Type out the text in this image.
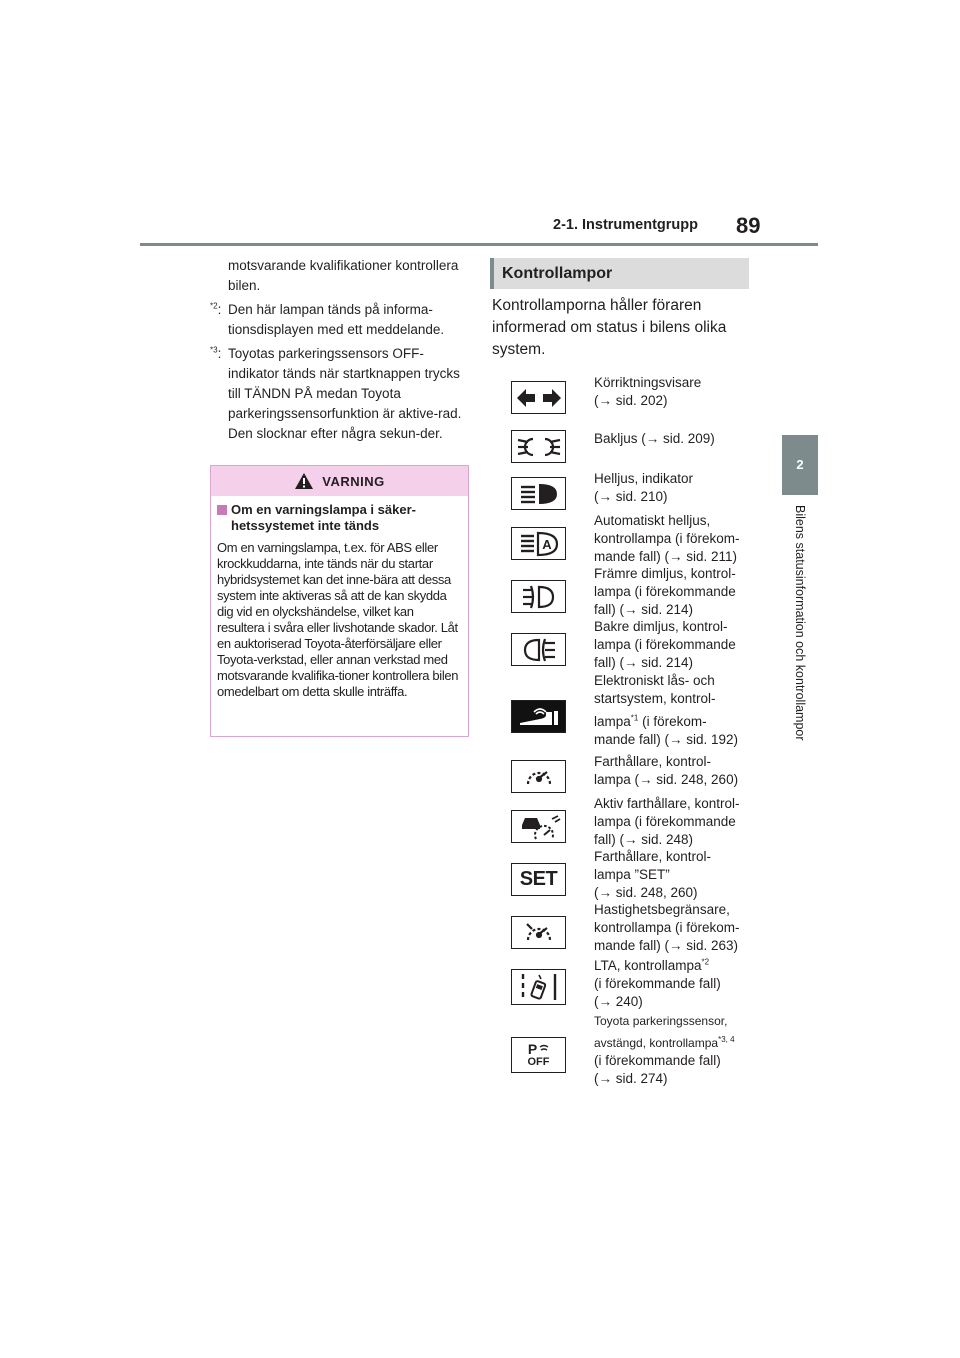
2-1. Instrumentgrupp 89
2
Bilens statusinformation och kontrollampor

motsvarande kvalifikationer kontrollera bilen.

$^{*2}$: Den här lampan tänds på informa-tionsdisplayen med ett meddelande.
$^{*3}$: Toyotas parkeringssensors OFF-indikator tänds när startknappen trycks till TÄNDN PÅ medan Toyota parkeringssensorfunktion är aktive-rad. Den slocknar efter några sekun-der.
VARNING
Om en varningslampa i säker-hetssystemet inte tänds
Om en varningslampa, t.ex. för ABS eller krockkuddarna, inte tänds när du startar hybridsystemet kan det inne-bära att dessa system inte aktiveras så att de kan skydda dig vid en olyckshändelse, vilket kan resultera i svåra eller livshotande skador. Låt en auktoriserad Toyota-återförsäljare eller Toyota-verkstad, eller annan verkstad med motsvarande kvalifika-tioner kontrollera bilen omedelbart om detta skulle inträffa.
Kontrollampor
Kontrollamporna håller föraren informerad om status i bilens olika system.
Körriktningsvisare
(→ sid. 202)
Bakljus (→ sid. 209)
Helljus, indikator
(→ sid. 210)
A
Automatiskt helljus,
kontrollampa (i förekom-
mande fall) (→ sid. 211)
Främre dimljus, kontrol-
lampa (i förekommande
fall) (→ sid. 214)
Bakre dimljus, kontrol-
lampa (i förekommande
fall) (→ sid. 214)
Elektroniskt lås- och
startsystem, kontrol-
lampa$^{*1}$ (i förekom-
mande fall) (→ sid. 192)
Farthållare, kontrol-
lampa (→ sid. 248, 260)
Aktiv farthållare, kontrol-
lampa (i förekommande
fall) (→ sid. 248)
SET
Farthållare, kontrol-
lampa ”SET”
(→ sid. 248, 260)
Hastighetsbegränsare,
kontrollampa (i förekom-
mande fall) (→ sid. 263)
LTA, kontrollampa$^{*2}$
(i förekommande fall)
(→ 240)
P
OFF
Toyota parkeringssensor,
avstängd, kontrollampa$^{*3, 4}$
(i förekommande fall)
(→ sid. 274)
